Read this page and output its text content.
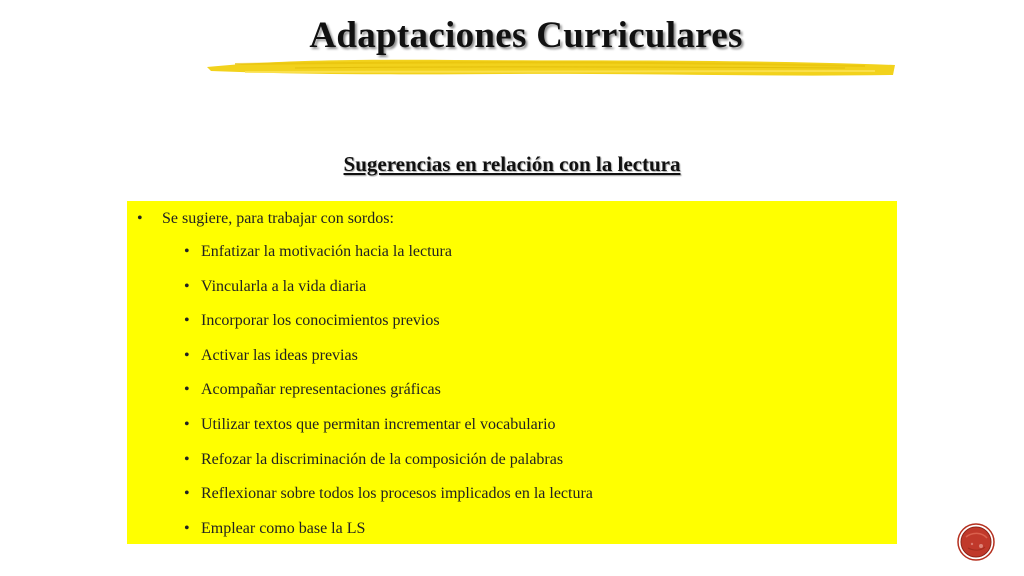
Adaptaciones Curriculares
Sugerencias en relación con la lectura
• Se sugiere, para trabajar con sordos:
• Enfatizar la motivación hacia la lectura
• Vincularla a la vida diaria
• Incorporar los conocimientos previos
• Activar las ideas previas
• Acompañar representaciones gráficas
• Utilizar textos que permitan incrementar el vocabulario
• Refozar la discriminación de la composición de palabras
• Reflexionar sobre todos los procesos implicados en la lectura
• Emplear como base la LS
